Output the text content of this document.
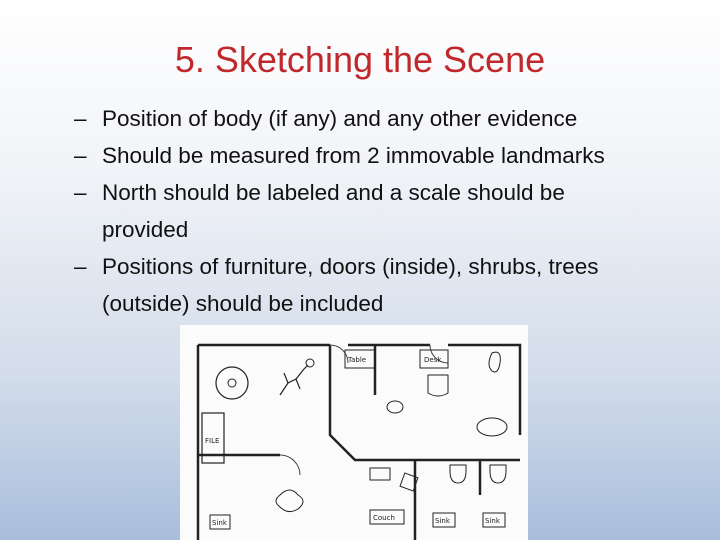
5. Sketching the Scene
– Position of body (if any) and any other evidence
– Should be measured from 2 immovable landmarks
– North should be labeled and a scale should be
provided
– Positions of furniture, doors (inside), shrubs, trees
(outside) should be included
Table	Desk
FILE
Sink	Sink
Sink
Couch
